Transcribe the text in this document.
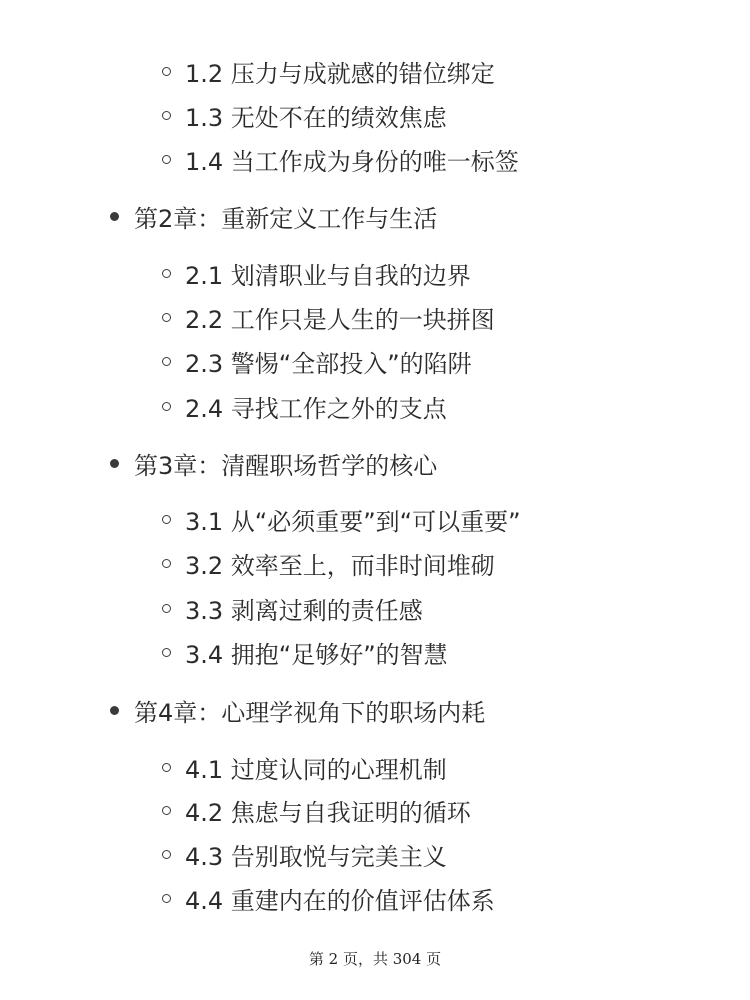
1.2 压力与成就感的错位绑定
1.3 无处不在的绩效焦虑
1.4 当工作成为身份的唯一标签
第2章：重新定义工作与生活
2.1 划清职业与自我的边界
2.2 工作只是人生的一块拼图
2.3 警惕“全部投入”的陷阱
2.4 寻找工作之外的支点
第3章：清醒职场哲学的核心
3.1 从“必须重要”到“可以重要”
3.2 效率至上，而非时间堆砌
3.3 剥离过剩的责任感
3.4 拥抱“足够好”的智慧
第4章：心理学视角下的职场内耗
4.1 过度认同的心理机制
4.2 焦虑与自我证明的循环
4.3 告别取悦与完美主义
4.4 重建内在的价值评估体系
第 2 页，共 304 页
